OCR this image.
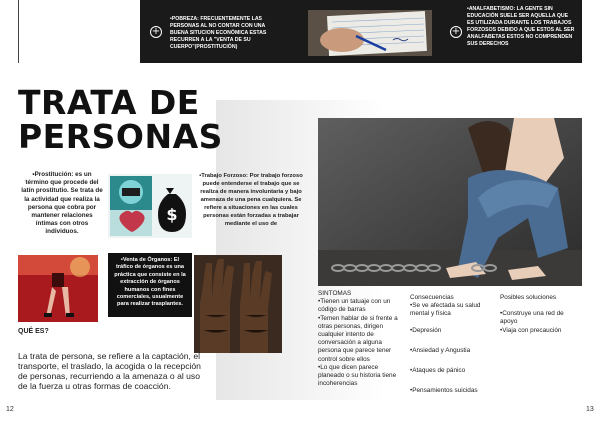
+
•POBREZA: FRECUENTEMENTE LAS PERSONAS AL NO CONTAR CON UNA BUENA SITUCION ECONÓMICA ESTAS RECURREN A LA "VENTA DE SU CUERPO"(PROSTITUCIÓN)
+
•ANALFABETISMO: LA GENTE SIN EDUCACIÓN SUELE SER AQUELLA QUE ES UTILIZADA DURANTE LOS TRABAJOS FORZOSOS DEBIDO A QUE ESTOS AL SER ANALFABETAS ESTOS NO COMPRENDEN SUS DERECHOS
TRATA DE
PERSONAS
•Prostitución: es un término que procede del latín prostitutio. Se trata de la actividad que realiza la persona que cobra por mantener relaciones íntimas con otros individuos.
$
•Venta de Órganos: El tráfico de órganos es una práctica que consiste en la extracción de órganos humanos con fines comerciales, usualmente para realizar trasplantes.
•Trabajo Forzoso: Por trabajo forzoso puede entenderse el trabajo que se realiza de manera involuntaria y bajo amenaza de una pena cualquiera. Se refiere a situaciones en las cuales personas están forzadas a trabajar mediante el uso de
QUÉ ES?
La trata de persona, se refiere a la captación, el transporte, el traslado, la acogida o la recepción de personas, recurriendo a la amenaza o al uso de la fuerza u otras formas de coacción.
SINTOMAS
•Tienen un tatuaje con un código de barras
•Temen hablar de si frente a otras personas, dirigen cualquier intento de conversación a alguna persona que parece tener control sobre ellos
•Lo que dicen parece planeado o su historia tiene incoherencias
Consecuencias
•Se ve afectada su salud mental y física
•Depresión
•Ansiedad y Angustia
•Ataques de pánico
•Pensamientos suicidas
Posibles soluciones
•Construye una red de apoyo
•Viaja con precaución
12	13
